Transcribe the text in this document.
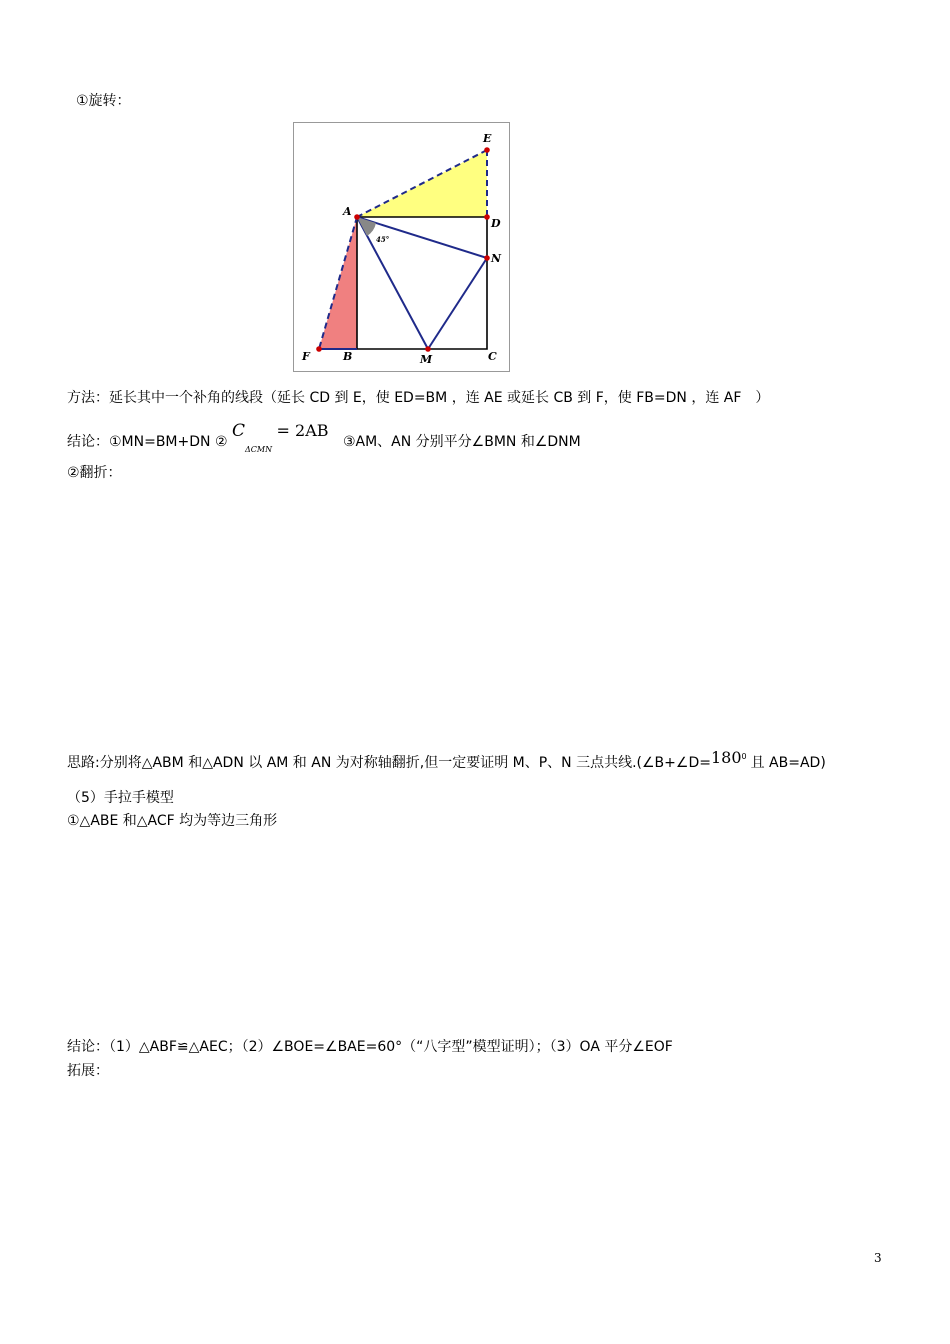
①旋转：
A
E
D
N
F	B	M	C
45°
方法：延长其中一个补角的线段（延长 CD 到 E，使 ED=BM ，连 AE 或延长 CB 到 F，使 FB=DN ，连 AF　）
结论：①MN=BM+DN ② $C_{\Delta CMN} = 2AB$ ③AM、AN 分别平分∠BMN 和∠DNM
②翻折：
思路:分别将△ABM 和△ADN 以 AM 和 AN 为对称轴翻折,但一定要证明 M、P、N 三点共线$.(\angle B+\angle D=180^0$ 且 AB=AD)
（5）手拉手模型
①△ABE 和△ACF 均为等边三角形
结论：（1）△ABF≌△AEC；（2）∠BOE=∠BAE=60°（“八字型”模型证明）；（3）OA 平分∠EOF
拓展：
3
